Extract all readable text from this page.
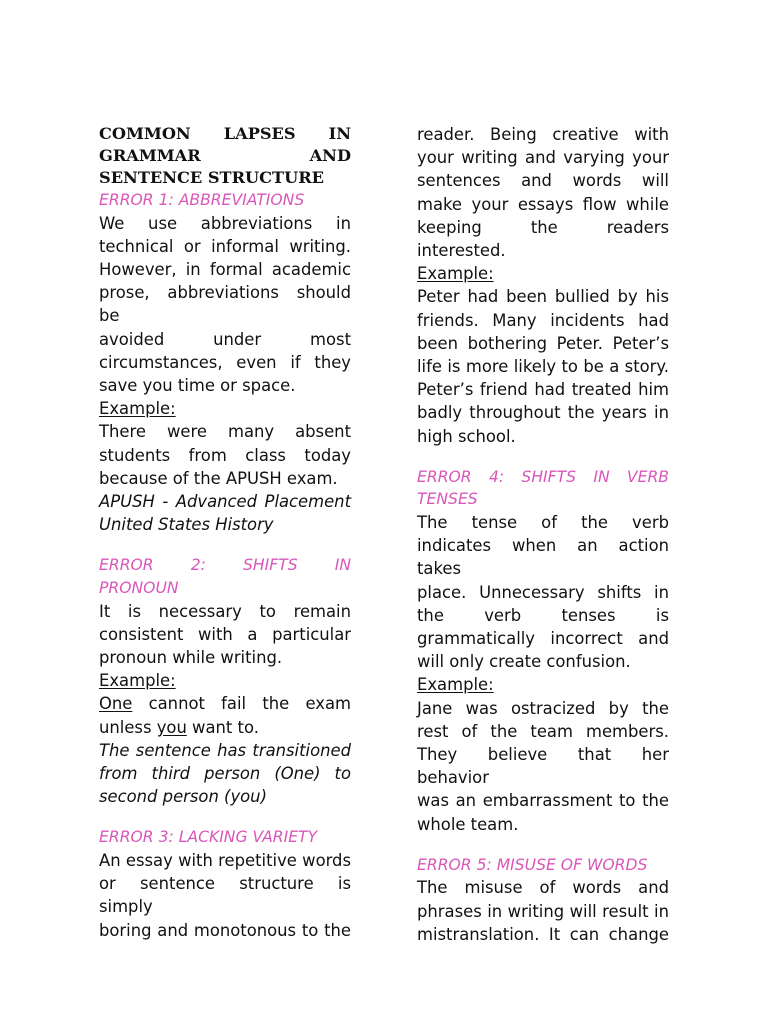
COMMON LAPSES IN

GRAMMAR AND

SENTENCE STRUCTURE

ERROR 1: ABBREVIATIONS

We use abbreviations in

technical or informal writing.

However, in formal academic

prose, abbreviations should be

avoided under most

circumstances, even if they

save you time or space.

Example:

There were many absent

students from class today

because of the APUSH exam.

APUSH - Advanced Placement

United States History

ERROR 2: SHIFTS IN

PRONOUN

It is necessary to remain

consistent with a particular

pronoun while writing.

Example:

One cannot fail the exam

unless you want to.

The sentence has transitioned

from third person (One) to

second person (you)

ERROR 3: LACKING VARIETY

An essay with repetitive words

or sentence structure is simply

boring and monotonous to the

reader. Being creative with

your writing and varying your

sentences and words will

make your essays flow while

keeping the readers

interested.

Example:

Peter had been bullied by his

friends. Many incidents had

been bothering Peter. Peter’s

life is more likely to be a story.

Peter’s friend had treated him

badly throughout the years in

high school.

ERROR 4: SHIFTS IN VERB

TENSES

The tense of the verb

indicates when an action takes

place. Unnecessary shifts in

the verb tenses is

grammatically incorrect and

will only create confusion.

Example:

Jane was ostracized by the

rest of the team members.

They believe that her behavior

was an embarrassment to the

whole team.

ERROR 5: MISUSE OF WORDS

The misuse of words and

phrases in writing will result in

mistranslation. It can change
